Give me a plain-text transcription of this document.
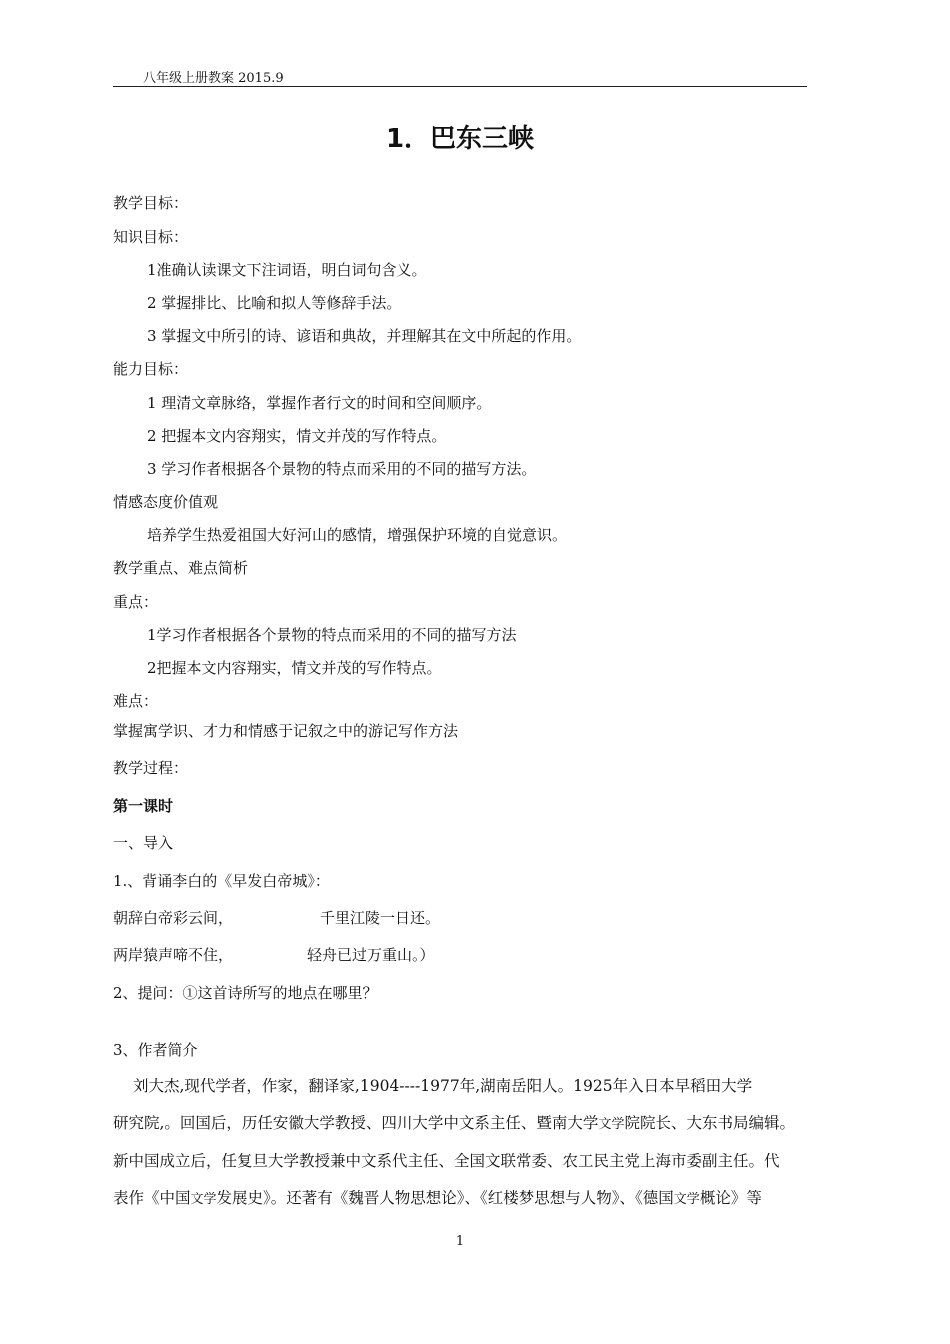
八年级上册教案 2015.9
1．巴东三峡
教学目标：
知识目标：
1准确认读课文下注词语，明白词句含义。
2 掌握排比、比喻和拟人等修辞手法。
3 掌握文中所引的诗、谚语和典故，并理解其在文中所起的作用。
能力目标：
1 理清文章脉络，掌握作者行文的时间和空间顺序。
2 把握本文内容翔实，情文并茂的写作特点。
3 学习作者根据各个景物的特点而采用的不同的描写方法。
情感态度价值观
培养学生热爱祖国大好河山的感情，增强保护环境的自觉意识。
教学重点、难点简析
重点：
1学习作者根据各个景物的特点而采用的不同的描写方法
2把握本文内容翔实，情文并茂的写作特点。
难点：
掌握寓学识、才力和情感于记叙之中的游记写作方法
教学过程：
第一课时
一、导入
1.、背诵李白的《早发白帝城》：
朝辞白帝彩云间，	千里江陵一日还。
两岸猿声啼不住，	轻舟已过万重山。）
2、提问：①这首诗所写的地点在哪里？
3、作者简介
刘大杰,现代学者，作家，翻译家,1904----1977年,湖南岳阳人。1925年入日本早稻田大学
研究院,。回国后，历任安徽大学教授、四川大学中文系主任、暨南大学文学院院长、大东书局编辑。
新中国成立后，任复旦大学教授兼中文系代主任、全国文联常委、农工民主党上海市委副主任。代
表作《中国文学发展史》。还著有《魏晋人物思想论》、《红楼梦思想与人物》、《德国文学概论》等
1
